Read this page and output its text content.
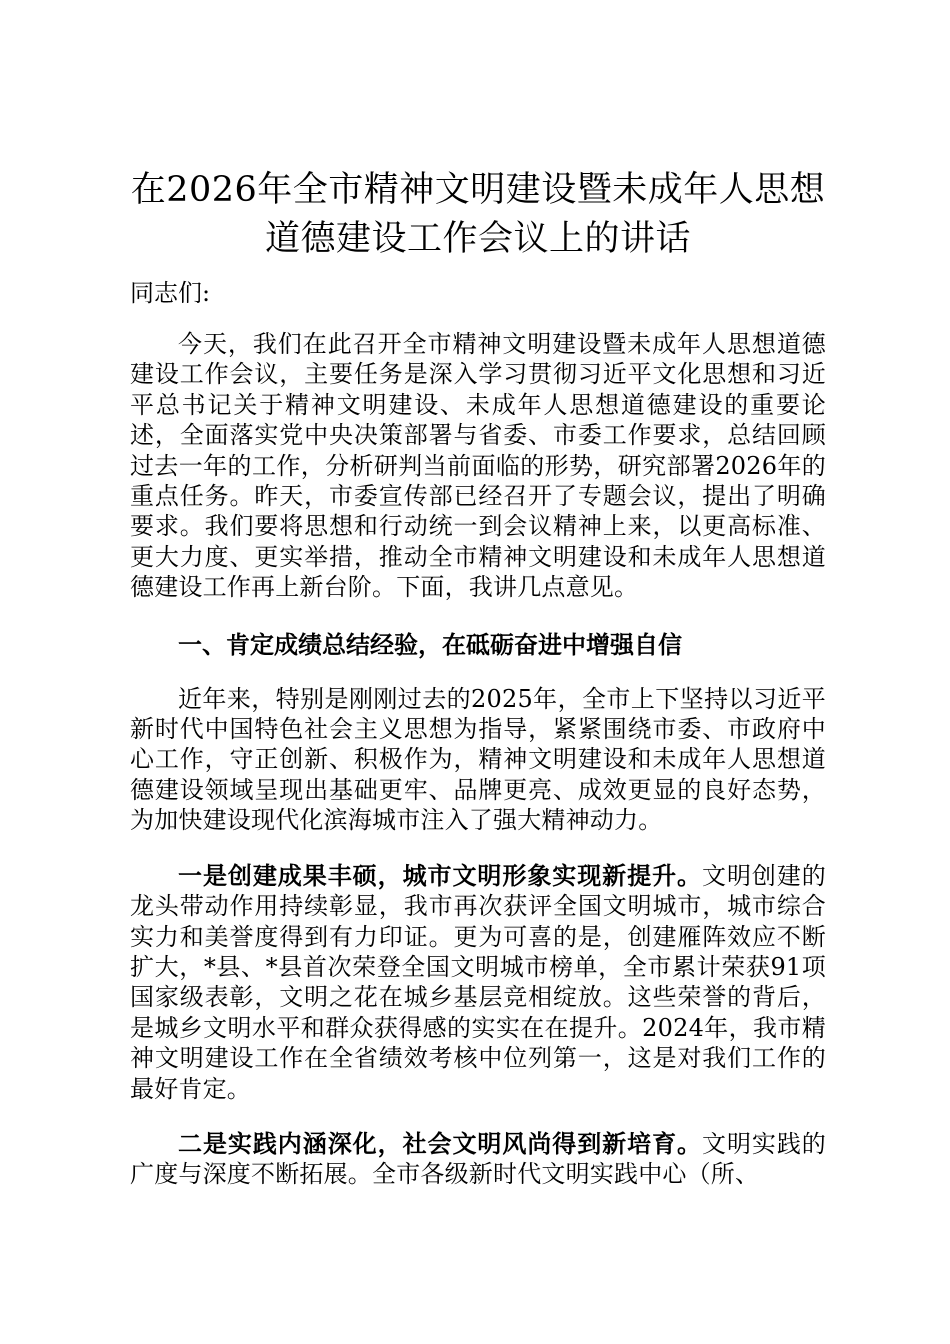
在2026年全市精神文明建设暨未成年人思想
道德建设工作会议上的讲话

同志们:

今天，我们在此召开全市精神文明建设暨未成年人思想道德建设工作会议，主要任务是深入学习贯彻习近平文化思想和习近平总书记关于精神文明建设、未成年人思想道德建设的重要论述，全面落实党中央决策部署与省委、市委工作要求，总结回顾过去一年的工作，分析研判当前面临的形势，研究部署2026年的重点任务。昨天，市委宣传部已经召开了专题会议，提出了明确要求。我们要将思想和行动统一到会议精神上来，以更高标准、更大力度、更实举措，推动全市精神文明建设和未成年人思想道德建设工作再上新台阶。下面，我讲几点意见。

一、肯定成绩总结经验，在砥砺奋进中增强自信

近年来，特别是刚刚过去的2025年，全市上下坚持以习近平新时代中国特色社会主义思想为指导，紧紧围绕市委、市政府中心工作，守正创新、积极作为，精神文明建设和未成年人思想道德建设领域呈现出基础更牢、品牌更亮、成效更显的良好态势，为加快建设现代化滨海城市注入了强大精神动力。

一是创建成果丰硕，城市文明形象实现新提升。文明创建的龙头带动作用持续彰显，我市再次获评全国文明城市，城市综合实力和美誉度得到有力印证。更为可喜的是，创建雁阵效应不断扩大，*县、*县首次荣登全国文明城市榜单，全市累计荣获91项国家级表彰，文明之花在城乡基层竞相绽放。这些荣誉的背后，是城乡文明水平和群众获得感的实实在在提升。2024年，我市精神文明建设工作在全省绩效考核中位列第一，这是对我们工作的最好肯定。

二是实践内涵深化，社会文明风尚得到新培育。文明实践的广度与深度不断拓展。全市各级新时代文明实践中心（所、
